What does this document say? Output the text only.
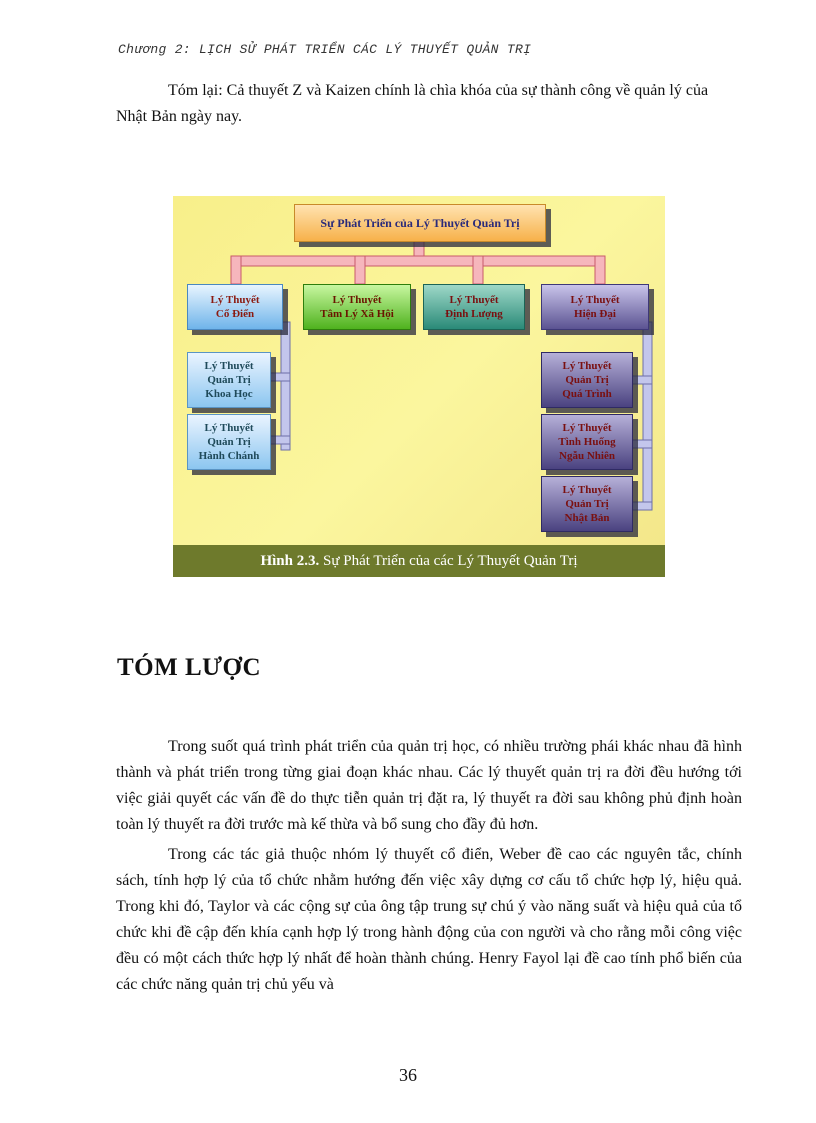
Chương 2: LỊCH SỬ PHÁT TRIỂN CÁC LÝ THUYẾT QUẢN TRỊ
Tóm lại: Cả thuyết Z và Kaizen chính là chìa khóa của sự thành công về quản lý của Nhật Bản ngày nay.
Sự Phát Triển của Lý Thuyết Quản Trị
Lý Thuyết
Cổ Điển
Lý Thuyết
Tâm Lý Xã Hội
Lý Thuyết
Định Lượng
Lý Thuyết
Hiện Đại
Lý Thuyết
Quản Trị
Khoa Học
Lý Thuyết
Quản Trị
Hành Chánh
Lý Thuyết
Quản Trị
Quá Trình
Lý Thuyết
Tình Huống
Ngẫu Nhiên
Lý Thuyết
Quản Trị
Nhật Bản
Hình 2.3. Sự Phát Triển của các Lý Thuyết Quản Trị
TÓM LƯỢC

Trong suốt quá trình phát triển của quản trị học, có nhiều trường phái khác nhau đã hình thành và phát triển trong từng giai đoạn khác nhau. Các lý thuyết quản trị ra đời đều hướng tới việc giải quyết các vấn đề do thực tiễn quản trị đặt ra, lý thuyết ra đời sau không phủ định hoàn toàn lý thuyết ra đời trước mà kế thừa và bổ sung cho đầy đủ hơn.

Trong các tác giả thuộc nhóm lý thuyết cổ điển, Weber đề cao các nguyên tắc, chính sách, tính hợp lý của tổ chức nhằm hướng đến việc xây dựng cơ cấu tổ chức hợp lý, hiệu quả. Trong khi đó, Taylor và các cộng sự của ông tập trung sự chú ý vào năng suất và hiệu quả của tổ chức khi đề cập đến khía cạnh hợp lý trong hành động của con người và cho rằng mỗi công việc đều có một cách thức hợp lý nhất để hoàn thành chúng. Henry Fayol lại đề cao tính phổ biến của các chức năng quản trị chủ yếu và

36
